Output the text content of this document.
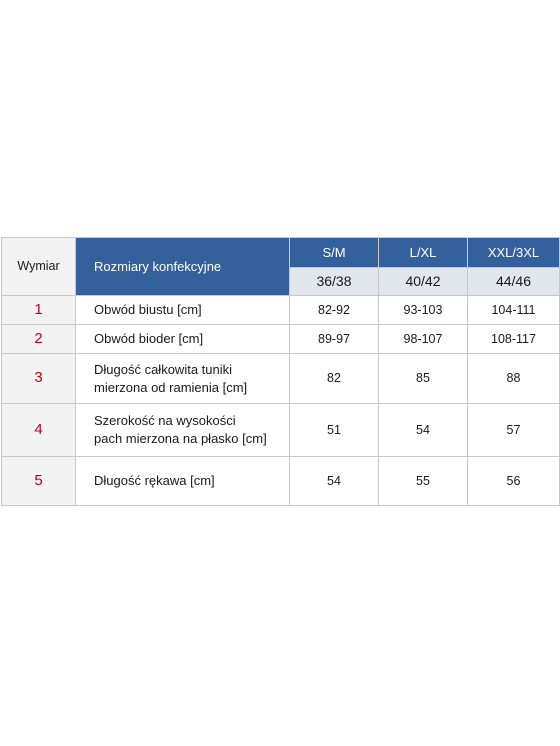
Wymiar	Rozmiary konfekcyjne	S/M	L/XL	XXL/3XL
		36/38	40/42	44/46
1	Obwód biustu [cm]	82-92	93-103	104-111
2	Obwód bioder [cm]	89-97	98-107	108-117
3	Długość całkowita tuniki
mierzona od ramienia [cm]	82	85	88
4	Szerokość na wysokości
pach mierzona na płasko [cm]	51	54	57
5	Długość rękawa [cm]	54	55	56
